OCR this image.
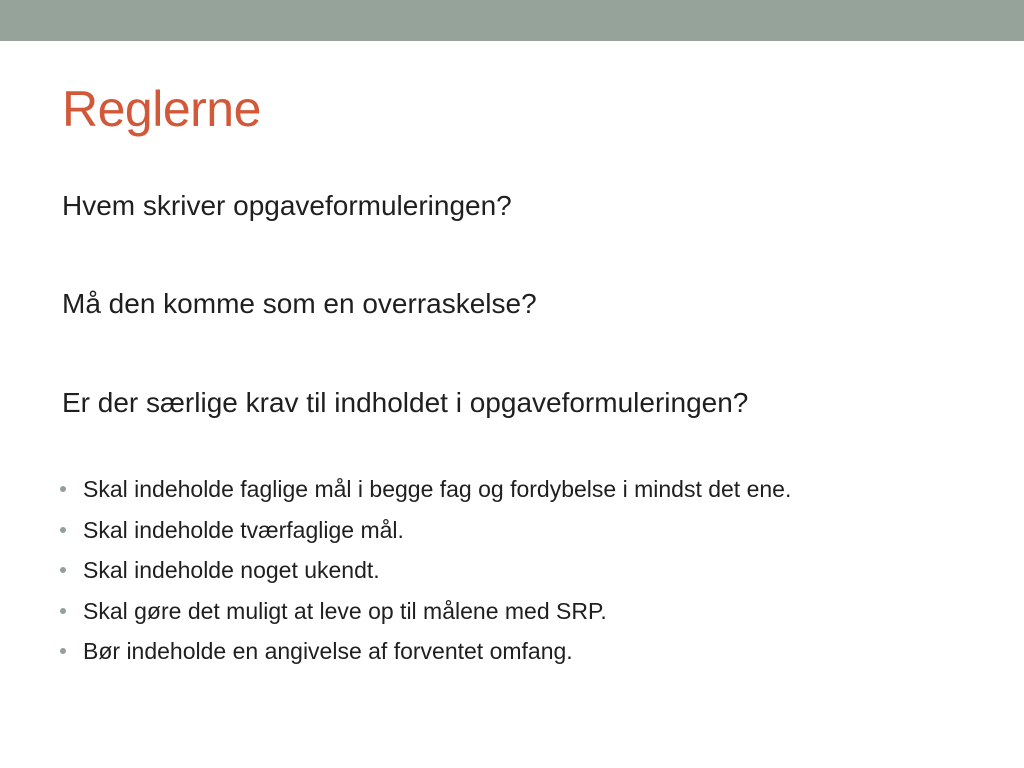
Reglerne

Hvem skriver opgaveformuleringen?

Må den komme som en overraskelse?

Er der særlige krav til indholdet i opgaveformuleringen?

Skal indeholde faglige mål i begge fag og fordybelse i mindst det ene.
Skal indeholde tværfaglige mål.
Skal indeholde noget ukendt.
Skal gøre det muligt at leve op til målene med SRP.
Bør indeholde en angivelse af forventet omfang.
